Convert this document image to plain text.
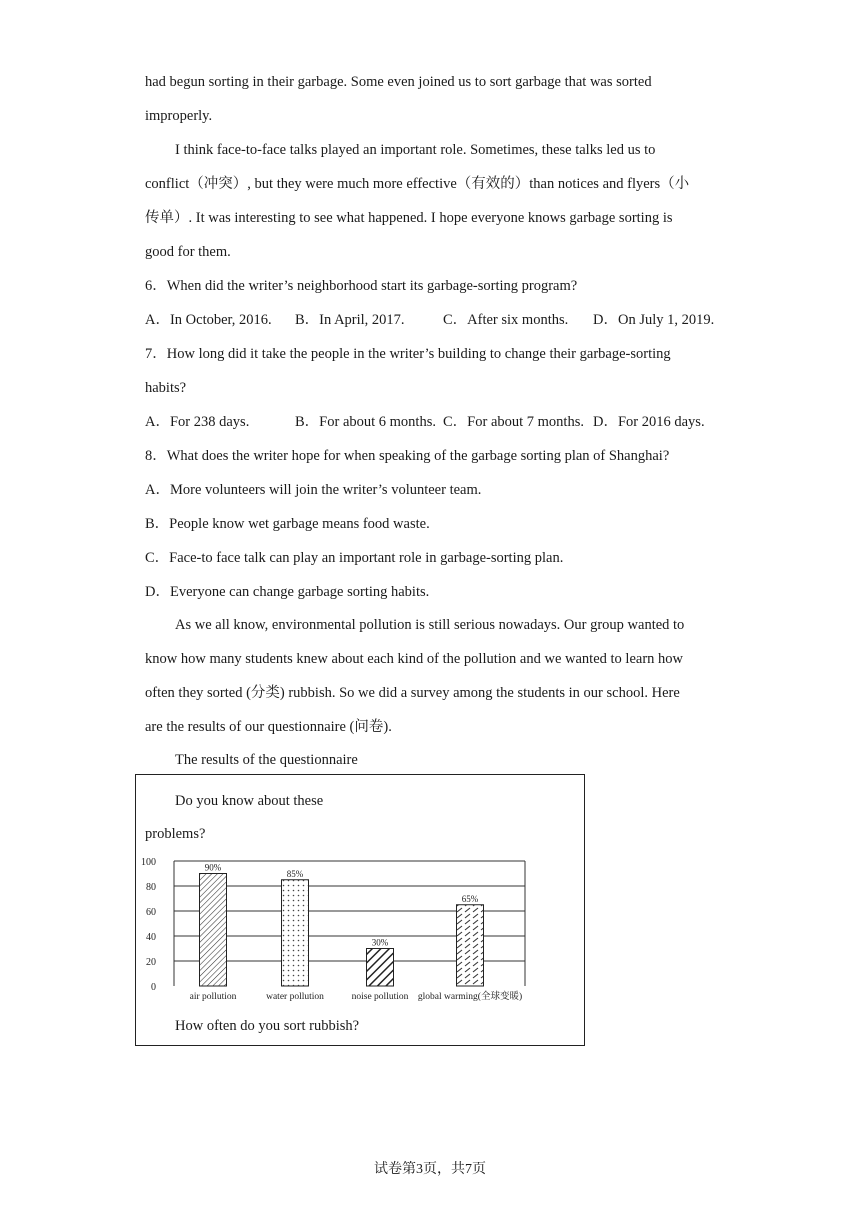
had begun sorting in their garbage. Some even joined us to sort garbage that was sorted
improperly.
I think face-to-face talks played an important role. Sometimes, these talks led us to
conflict（冲突）, but they were much more effective（有效的）than notices and flyers（小
传单）. It was interesting to see what happened. I hope everyone knows garbage sorting is
good for them.
6．When did the writer’s neighborhood start its garbage-sorting program?
A．In October, 2016. B．In April, 2017.	C．After six months. D．On July 1, 2019.
7．How long did it take the people in the writer’s building to change their garbage-sorting
habits?
A．For 238 days.	B．For about 6 months. C．For about 7 months. D．For 2016 days.
8．What does the writer hope for when speaking of the garbage sorting plan of Shanghai?
A．More volunteers will join the writer’s volunteer team.
B．People know wet garbage means food waste.
C．Face-to face talk can play an important role in garbage-sorting plan.
D．Everyone can change garbage sorting habits.
As we all know, environmental pollution is still serious nowadays. Our group wanted to
know how many students knew about each kind of the pollution and we wanted to learn how
often they sorted (分类) rubbish. So we did a survey among the students in our school. Here
are the results of our questionnaire (问卷).
The results of the questionnaire
Do you know about these
problems?
0
20
40
60
80
100	90%
85%
30%
65%
air pollution	water pollution	noise pollution global warming(全球变暖)
How often do you sort rubbish?
试卷第3页，共7页
